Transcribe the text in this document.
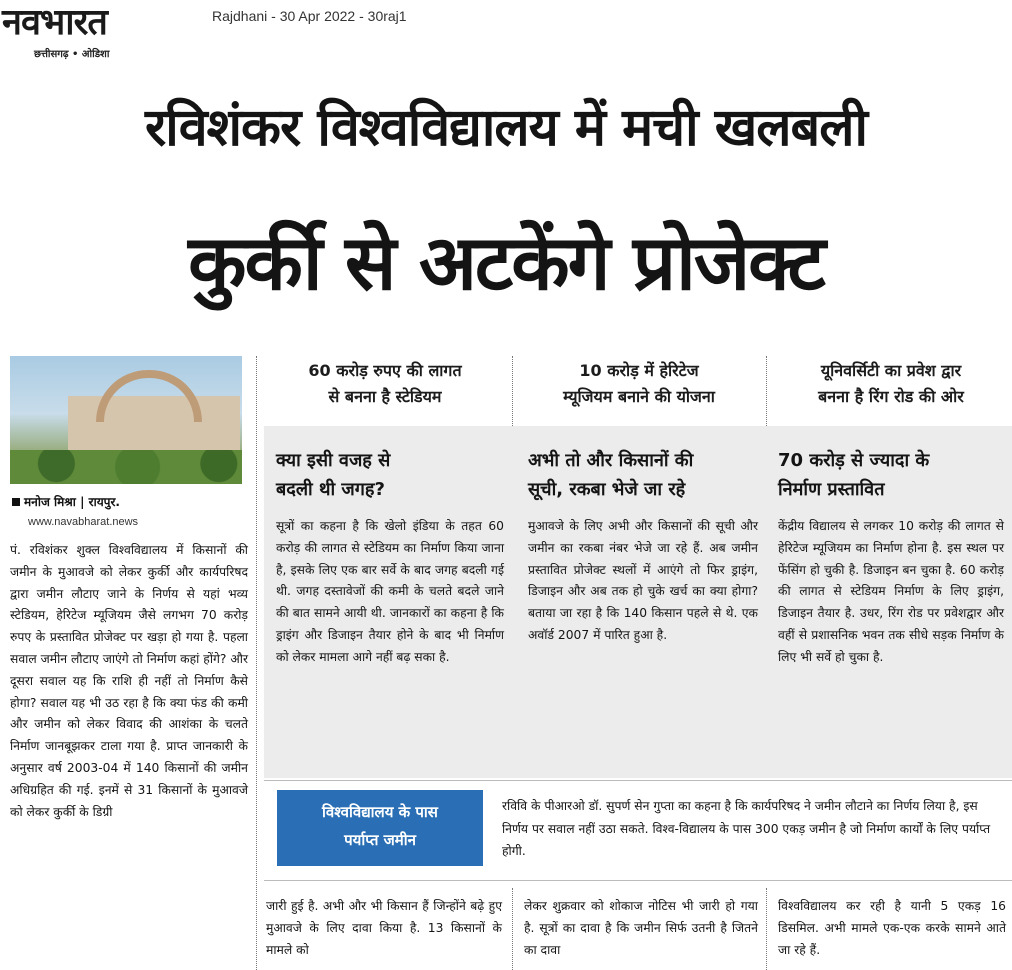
नवभारत
छत्तीसगढ़ • ओडिशा
Rajdhani - 30 Apr 2022 - 30raj1
रविशंकर विश्वविद्यालय में मची खलबली
कुर्की से अटकेंगे प्रोजेक्ट
मनोज मिश्रा | रायपुर.
www.navabharat.news
पं. रविशंकर शुक्ल विश्वविद्यालय में किसानों की जमीन के मुआवजे को लेकर कुर्की और कार्यपरिषद द्वारा जमीन लौटाए जाने के निर्णय से यहां भव्य स्टेडियम, हेरिटेज म्यूजियम जैसे लगभग 70 करोड़ रुपए के प्रस्तावित प्रोजेक्ट पर खड़ा हो गया है. पहला सवाल जमीन लौटाए जाएंगे तो निर्माण कहां होंगे? और दूसरा सवाल यह कि राशि ही नहीं तो निर्माण कैसे होगा? सवाल यह भी उठ रहा है कि क्या फंड की कमी और जमीन को लेकर विवाद की आशंका के चलते निर्माण जानबूझकर टाला गया है. प्राप्त जानकारी के अनुसार वर्ष 2003-04 में 140 किसानों की जमीन अधिग्रहित की गई. इनमें से 31 किसानों के मुआवजे को लेकर कुर्की के डिग्री
60 करोड़ रुपए की लागत
से बनना है स्टेडियम
10 करोड़ में हेरिटेज
म्यूजियम बनाने की योजना
यूनिवर्सिटी का प्रवेश द्वार
बनना है रिंग रोड की ओर
क्या इसी वजह से
बदली थी जगह?
सूत्रों का कहना है कि खेलो इंडिया के तहत 60 करोड़ की लागत से स्टेडियम का निर्माण किया जाना है, इसके लिए एक बार सर्वे के बाद जगह बदली गई थी. जगह दस्तावेजों की कमी के चलते बदले जाने की बात सामने आयी थी. जानकारों का कहना है कि ड्राइंग और डिजाइन तैयार होने के बाद भी निर्माण को लेकर मामला आगे नहीं बढ़ सका है.
अभी तो और किसानों की
सूची, रकबा भेजे जा रहे
मुआवजे के लिए अभी और किसानों की सूची और जमीन का रकबा नंबर भेजे जा रहे हैं. अब जमीन प्रस्तावित प्रोजेक्ट स्थलों में आएंगे तो फिर ड्राइंग, डिजाइन और अब तक हो चुके खर्च का क्या होगा? बताया जा रहा है कि 140 किसान पहले से थे. एक अवॉर्ड 2007 में पारित हुआ है.
70 करोड़ से ज्यादा के
निर्माण प्रस्तावित
केंद्रीय विद्यालय से लगकर 10 करोड़ की लागत से हेरिटेज म्यूजियम का निर्माण होना है. इस स्थल पर फेंसिंग हो चुकी है. डिजाइन बन चुका है. 60 करोड़ की लागत से स्टेडियम निर्माण के लिए ड्राइंग, डिजाइन तैयार है. उधर, रिंग रोड पर प्रवेशद्वार और वहीं से प्रशासनिक भवन तक सीधे सड़क निर्माण के लिए भी सर्वे हो चुका है.
विश्वविद्यालय के पास
पर्याप्त जमीन
रविवि के पीआरओ डॉ. सुपर्ण सेन गुप्ता का कहना है कि कार्यपरिषद ने जमीन लौटाने का निर्णय लिया है, इस निर्णय पर सवाल नहीं उठा सकते. विश्व-विद्यालय के पास 300 एकड़ जमीन है जो निर्माण कार्यों के लिए पर्याप्त होगी.
जारी हुई है. अभी और भी किसान हैं जिन्होंने बढ़े हुए मुआवजे के लिए दावा किया है. 13 किसानों के मामले को
लेकर शुक्रवार को शोकाज नोटिस भी जारी हो गया है. सूत्रों का दावा है कि जमीन सिर्फ उतनी है जितने का दावा
विश्वविद्यालय कर रही है यानी 5 एकड़ 16 डिसमिल. अभी मामले एक-एक करके सामने आते जा रहे हैं.
